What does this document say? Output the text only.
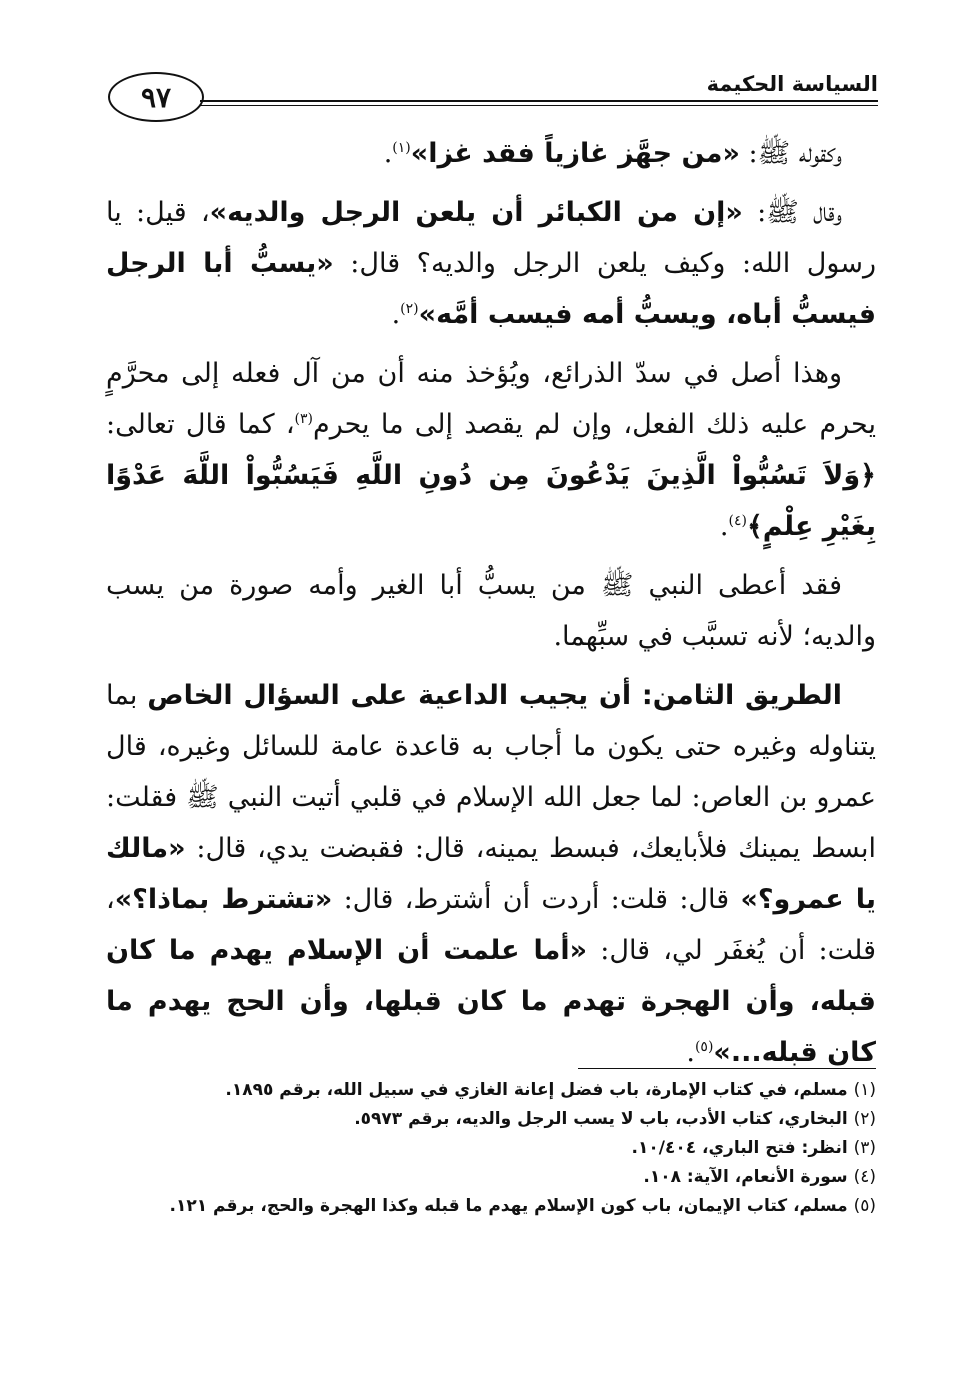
٩٧	السياسة الحكيمة

وكقوله ﷺ: «من جهَّز غازياً فقد غزا»$^{(١)}$.

وقال ﷺ: «إن من الكبائر أن يلعن الرجل والديه»، قيل: يا رسول الله: وكيف يلعن الرجل والديه؟ قال: «يسبُّ أبا الرجل فيسبُّ أباه، ويسبُّ أمه فيسب أمَّه»$^{(٢)}$.

وهذا أصل في سدّ الذرائع، ويُؤخذ منه أن من آل فعله إلى محرَّمٍ يحرم عليه ذلك الفعل، وإن لم يقصد إلى ما يحرم$^{(٣)}$، كما قال تعالى: ﴿وَلاَ تَسُبُّواْ الَّذِينَ يَدْعُونَ مِن دُونِ اللَّهِ فَيَسُبُّواْ اللَّهَ عَدْوًا بِغَيْرِ عِلْمٍ﴾$^{(٤)}$.

فقد أعطى النبي ﷺ من يسبُّ أبا الغير وأمه صورة من يسب والديه؛ لأنه تسبَّب في سبِّهما.

الطريق الثامن: أن يجيب الداعية على السؤال الخاص بما يتناوله وغيره حتى يكون ما أجاب به قاعدة عامة للسائل وغيره، قال عمرو بن العاص: لما جعل الله الإسلام في قلبي أتيت النبي ﷺ فقلت: ابسط يمينك فلأبايعك، فبسط يمينه، قال: فقبضت يدي، قال: «مالك يا عمرو؟» قال: قلت: أردت أن أشترط، قال: «تشترط بماذا؟»، قلت: أن يُغفَر لي، قال: «أما علمت أن الإسلام يهدم ما كان قبله، وأن الهجرة تهدم ما كان قبلها، وأن الحج يهدم ما كان قبله...»$^{(٥)}$.

(١) مسلم، في كتاب الإمارة، باب فضل إعانة الغازي في سبيل الله، برقم ١٨٩٥.
(٢) البخاري، كتاب الأدب، باب لا يسب الرجل والديه، برقم ٥٩٧٣.
(٣) انظر: فتح الباري، ١٠/٤٠٤.
(٤) سورة الأنعام، الآية: ١٠٨.
(٥) مسلم، كتاب الإيمان، باب كون الإسلام يهدم ما قبله وكذا الهجرة والحج، برقم ١٢١.
